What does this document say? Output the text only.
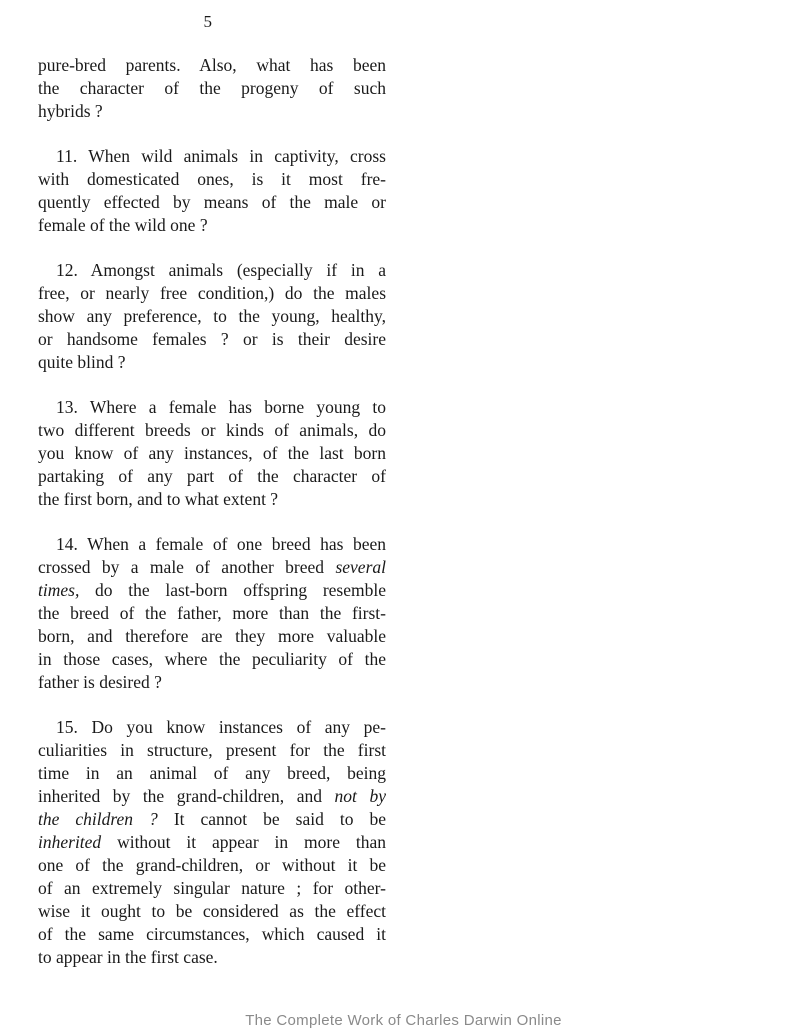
5
pure-bred parents. Also, what has been
the character of the progeny of such
hybrids ?
11. When wild animals in captivity, cross
with domesticated ones, is it most fre-
quently effected by means of the male or
female of the wild one ?
12. Amongst animals (especially if in a
free, or nearly free condition,) do the males
show any preference, to the young, healthy,
or handsome females ? or is their desire
quite blind ?
13. Where a female has borne young to
two different breeds or kinds of animals, do
you know of any instances, of the last born
partaking of any part of the character of
the first born, and to what extent ?
14. When a female of one breed has been
crossed by a male of another breed several
times, do the last-born offspring resemble
the breed of the father, more than the first-
born, and therefore are they more valuable
in those cases, where the peculiarity of the
father is desired ?
15. Do you know instances of any pe-
culiarities in structure, present for the first
time in an animal of any breed, being
inherited by the grand-children, and not by
the children ? It cannot be said to be
inherited without it appear in more than
one of the grand-children, or without it be
of an extremely singular nature ; for other-
wise it ought to be considered as the effect
of the same circumstances, which caused it
to appear in the first case.
The Complete Work of Charles Darwin Online
